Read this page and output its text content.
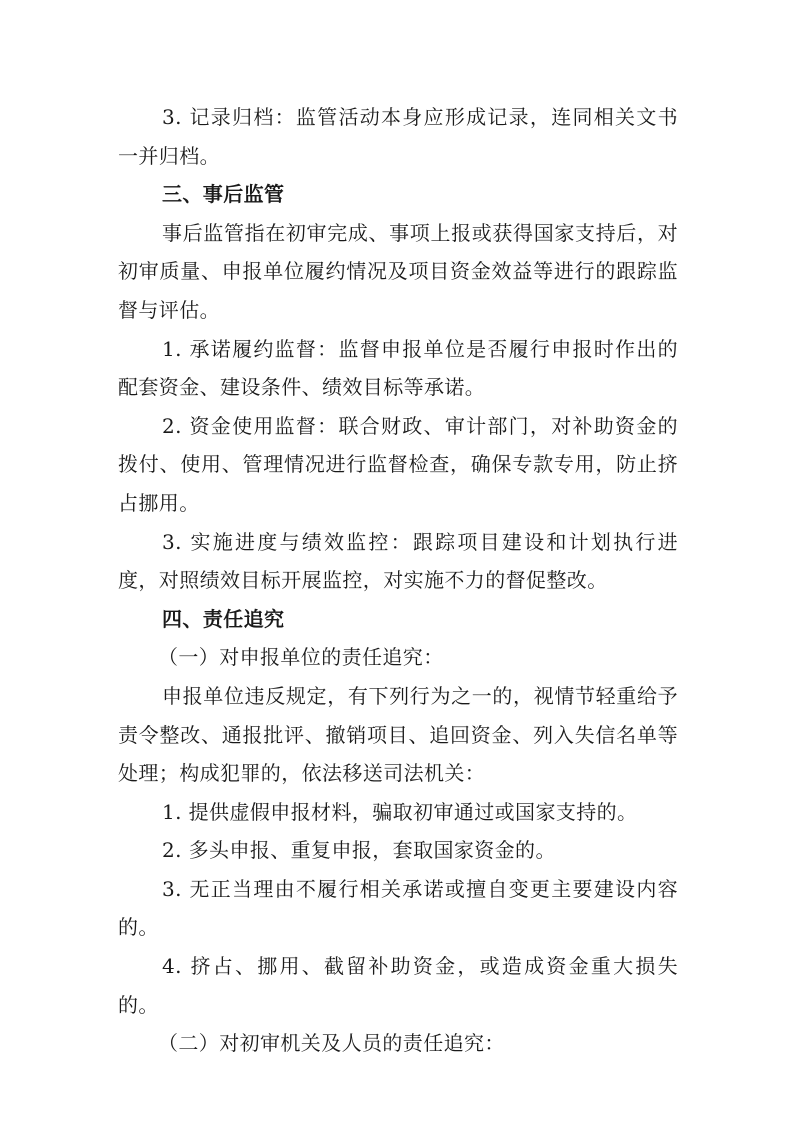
3. 记录归档：监管活动本身应形成记录，连同相关文书一并归档。

三、事后监管

事后监管指在初审完成、事项上报或获得国家支持后，对初审质量、申报单位履约情况及项目资金效益等进行的跟踪监督与评估。

1. 承诺履约监督：监督申报单位是否履行申报时作出的配套资金、建设条件、绩效目标等承诺。

2. 资金使用监督：联合财政、审计部门，对补助资金的拨付、使用、管理情况进行监督检查，确保专款专用，防止挤占挪用。

3. 实施进度与绩效监控：跟踪项目建设和计划执行进度，对照绩效目标开展监控，对实施不力的督促整改。

四、责任追究

（一）对申报单位的责任追究：

申报单位违反规定，有下列行为之一的，视情节轻重给予责令整改、通报批评、撤销项目、追回资金、列入失信名单等处理；构成犯罪的，依法移送司法机关：

1. 提供虚假申报材料，骗取初审通过或国家支持的。

2. 多头申报、重复申报，套取国家资金的。

3. 无正当理由不履行相关承诺或擅自变更主要建设内容的。

4. 挤占、挪用、截留补助资金，或造成资金重大损失的。

（二）对初审机关及人员的责任追究：
